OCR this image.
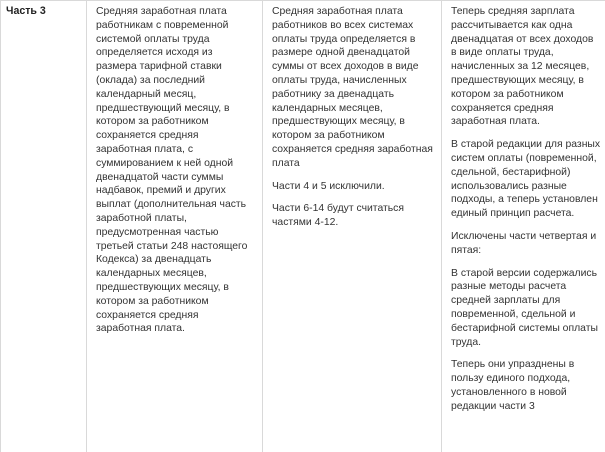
Часть 3	Средняя заработная плата работникам с повременной системой оплаты труда определяется исходя из размера тарифной ставки (оклада) за последний календарный месяц, предшествующий месяцу, в котором за работником сохраняется средняя заработная плата, с суммированием к ней одной двенадцатой части суммы надбавок, премий и других выплат (дополнительная часть заработной платы, предусмотренная частью третьей статьи 248 настоящего Кодекса) за двенадцать календарных месяцев, предшествующих месяцу, в котором за работником сохраняется средняя заработная плата.

Средняя заработная плата работников во всех системах оплаты труда определяется в размере одной двенадцатой суммы от всех доходов в виде оплаты труда, начисленных работнику за двенадцать календарных месяцев, предшествующих месяцу, в котором за работником сохраняется средняя заработная плата

Части 4 и 5 исключили.

Части 6-14 будут считаться частями 4-12.

Теперь средняя зарплата рассчитывается как одна двенадцатая от всех доходов в виде оплаты труда, начисленных за 12 месяцев, предшествующих месяцу, в котором за работником сохраняется средняя заработная плата.

В старой редакции для разных систем оплаты (повременной, сдельной, бестарифной) использовались разные подходы, а теперь установлен единый принцип расчета.

Исключены части четвертая и пятая:

В старой версии содержались разные методы расчета средней зарплаты для повременной, сдельной и бестарифной системы оплаты труда.

Теперь они упразднены в пользу единого подхода, установленного в новой редакции части 3
